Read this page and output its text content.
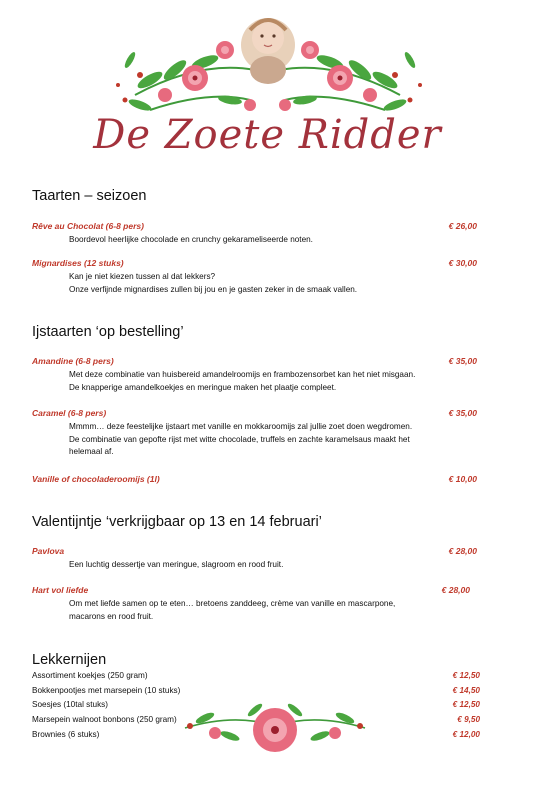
De Zoete Ridder
Taarten – seizoen
Rêve au Chocolat (6-8 pers)	€ 26,00
Boordevol heerlijke chocolade en crunchy gekarameliseerde noten.
Mignardises (12 stuks)	€ 30,00
Kan je niet kiezen tussen al dat lekkers?
Onze verfijnde mignardises zullen bij jou en je gasten zeker in de smaak vallen.
Ijstaarten ‘op bestelling’
Amandine (6-8 pers)	€ 35,00
Met deze combinatie van huisbereid amandelroomijs en frambozensorbet kan het niet misgaan.
De knapperige amandelkoekjes en meringue maken het plaatje compleet.
Caramel (6-8 pers)	€ 35,00
Mmmm… deze feestelijke ijstaart met vanille en mokkaroomijs zal jullie zoet doen wegdromen.
De combinatie van gepofte rijst met witte chocolade, truffels en zachte karamelsaus maakt het
helemaal af.
Vanille of chocoladeroomijs (1l)	€ 10,00
Valentijntje ‘verkrijgbaar op 13 en 14 februari’
Pavlova	€ 28,00
Een luchtig dessertje van meringue, slagroom en rood fruit.
Hart vol liefde	€ 28,00
Om met liefde samen op te eten… bretoens zanddeeg, crème van vanille en mascarpone,
macarons en rood fruit.
Lekkernijen
Assortiment koekjes (250 gram)	€ 12,50
Bokkenpootjes met marsepein (10 stuks)	€ 14,50
Soesjes (10tal stuks)	€ 12,50
Marsepein walnoot bonbons (250 gram)	€ 9,50
Brownies (6 stuks)	€ 12,00
